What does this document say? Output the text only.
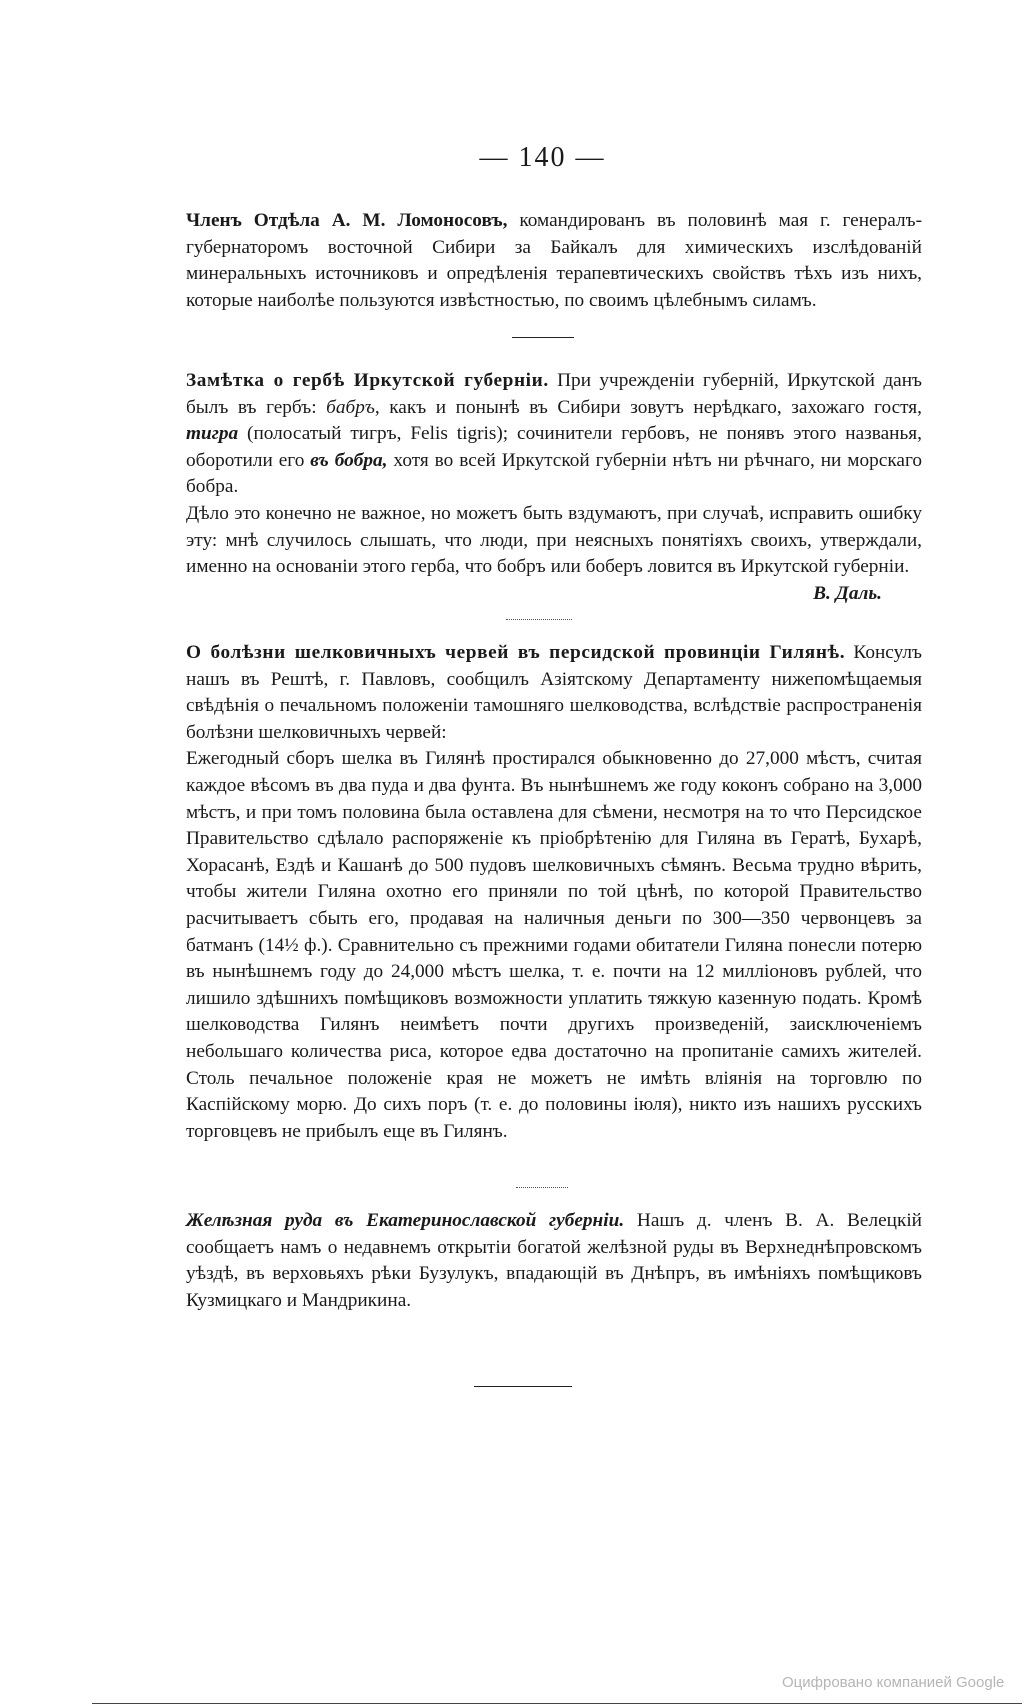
— 140 —

Членъ Отдѣла А. М. Ломоносовъ, командированъ въ половинѣ мая г. генералъ-губернаторомъ восточной Сибири за Байкалъ для химическихъ изслѣдованій минеральныхъ источниковъ и опредѣленія терапевтическихъ свойствъ тѣхъ изъ нихъ, которые наиболѣе пользуются извѣстностью, по своимъ цѣлебнымъ силамъ.

Замѣтка о гербѣ Иркутской губерніи. При учрежденіи губерній, Иркутской данъ былъ въ гербъ: бабръ, какъ и понынѣ въ Сибири зовутъ нерѣдкаго, захожаго гостя, тигра (полосатый тигръ, Felis tigris); сочинители гербовъ, не понявъ этого названья, оборотили его въ бобра, хотя во всей Иркутской губерніи нѣтъ ни рѣчнаго, ни морскаго бобра.

Дѣло это конечно не важное, но можетъ быть вздумаютъ, при случаѣ, исправить ошибку эту: мнѣ случилось слышать, что люди, при неясныхъ понятіяхъ своихъ, утверждали, именно на основаніи этого герба, что бобръ или боберъ ловится въ Иркутской губерніи.

В. Даль.

О болѣзни шелковичныхъ червей въ персидской провинціи Гилянѣ. Консулъ нашъ въ Рештѣ, г. Павловъ, сообщилъ Азіятскому Департаменту нижепомѣщаемыя свѣдѣнія о печальномъ положеніи тамошняго шелководства, вслѣдствіе распространенія болѣзни шелковичныхъ червей:

Ежегодный сборъ шелка въ Гилянѣ простирался обыкновенно до 27,000 мѣстъ, считая каждое вѣсомъ въ два пуда и два фунта. Въ нынѣшнемъ же году коконъ собрано на 3,000 мѣстъ, и при томъ половина была оставлена для сѣмени, несмотря на то что Персидское Правительство сдѣлало распоряженіе къ пріобрѣтенію для Гиляна въ Гератѣ, Бухарѣ, Хорасанѣ, Ездѣ и Кашанѣ до 500 пудовъ шелковичныхъ сѣмянъ. Весьма трудно вѣрить, чтобы жители Гиляна охотно его приняли по той цѣнѣ, по которой Правительство расчитываетъ сбыть его, продавая на наличныя деньги по 300—350 червонцевъ за батманъ (14½ ф.). Сравнительно съ прежними годами обитатели Гиляна понесли потерю въ нынѣшнемъ году до 24,000 мѣстъ шелка, т. е. почти на 12 милліоновъ рублей, что лишило здѣшнихъ помѣщиковъ возможности уплатить тяжкую казенную подать. Кромѣ шелководства Гилянъ неимѣетъ почти другихъ произведеній, заисключеніемъ небольшаго количества риса, которое едва достаточно на пропитаніе самихъ жителей. Столь печальное положеніе края не можетъ не имѣть вліянія на торговлю по Каспійскому морю. До сихъ поръ (т. е. до половины іюля), никто изъ нашихъ русскихъ торговцевъ не прибылъ еще въ Гилянъ.

Желѣзная руда въ Екатеринославской губерніи. Нашъ д. членъ В. А. Велецкій сообщаетъ намъ о недавнемъ открытіи богатой желѣзной руды въ Верхнеднѣпровскомъ уѣздѣ, въ верховьяхъ рѣки Бузулукъ, впадающій въ Днѣпръ, въ имѣніяхъ помѣщиковъ Кузмицкаго и Мандрикина.

Оцифровано компанией Google
